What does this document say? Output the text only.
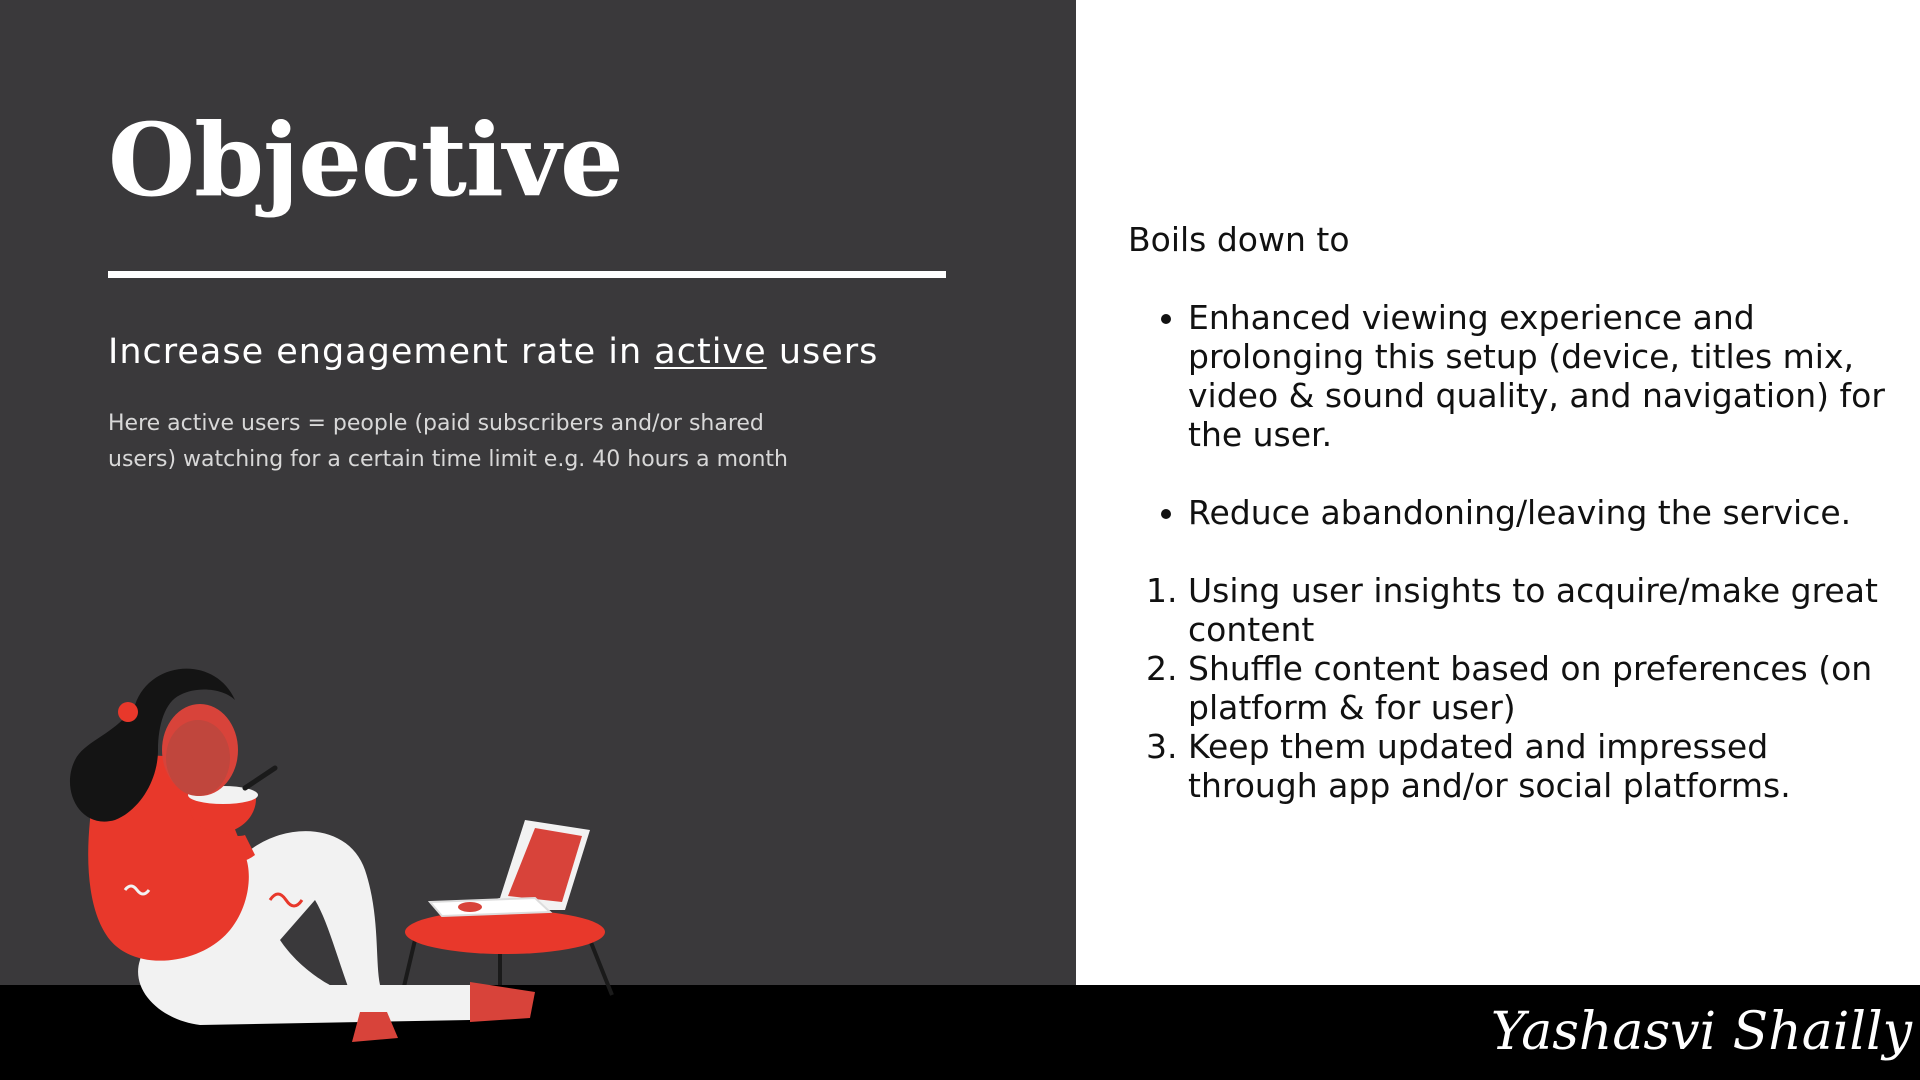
Objective
Increase engagement rate in active users
Here active users = people (paid subscribers and/or shared users) watching for a certain time limit e.g. 40 hours a month

Boils down to

• Enhanced viewing experience and prolonging this setup (device, titles mix, video & sound quality, and navigation) for the user.
• Reduce abandoning/leaving the service.
1. Using user insights to acquire/make great content
2. Shuffle content based on preferences (on platform & for user)
3. Keep them updated and impressed through app and/or social platforms.
Yashasvi Shailly
